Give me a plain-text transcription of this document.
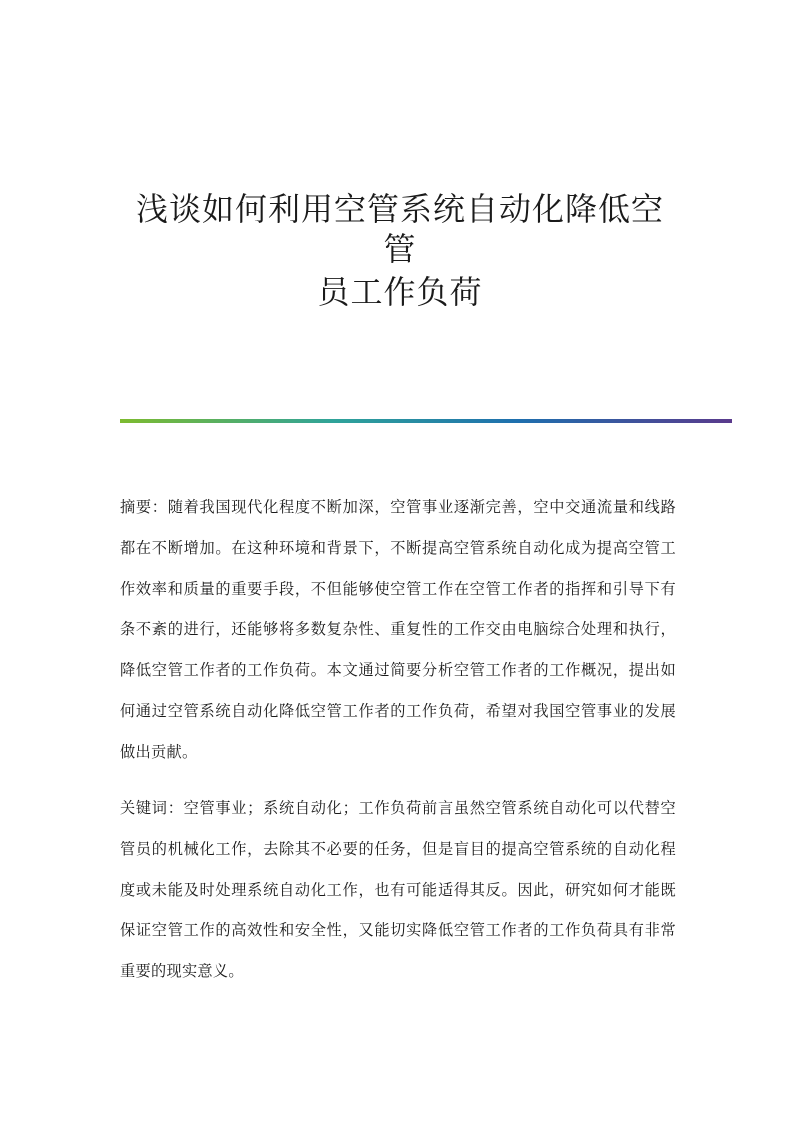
浅谈如何利用空管系统自动化降低空管
员工作负荷

摘要：随着我国现代化程度不断加深，空管事业逐渐完善，空中交通流量和线路都在不断增加。在这种环境和背景下，不断提高空管系统自动化成为提高空管工作效率和质量的重要手段，不但能够使空管工作在空管工作者的指挥和引导下有条不紊的进行，还能够将多数复杂性、重复性的工作交由电脑综合处理和执行，降低空管工作者的工作负荷。本文通过简要分析空管工作者的工作概况，提出如何通过空管系统自动化降低空管工作者的工作负荷，希望对我国空管事业的发展做出贡献。

关键词：空管事业；系统自动化；工作负荷前言虽然空管系统自动化可以代替空管员的机械化工作，去除其不必要的任务，但是盲目的提高空管系统的自动化程度或未能及时处理系统自动化工作，也有可能适得其反。因此，研究如何才能既保证空管工作的高效性和安全性，又能切实降低空管工作者的工作负荷具有非常重要的现实意义。
